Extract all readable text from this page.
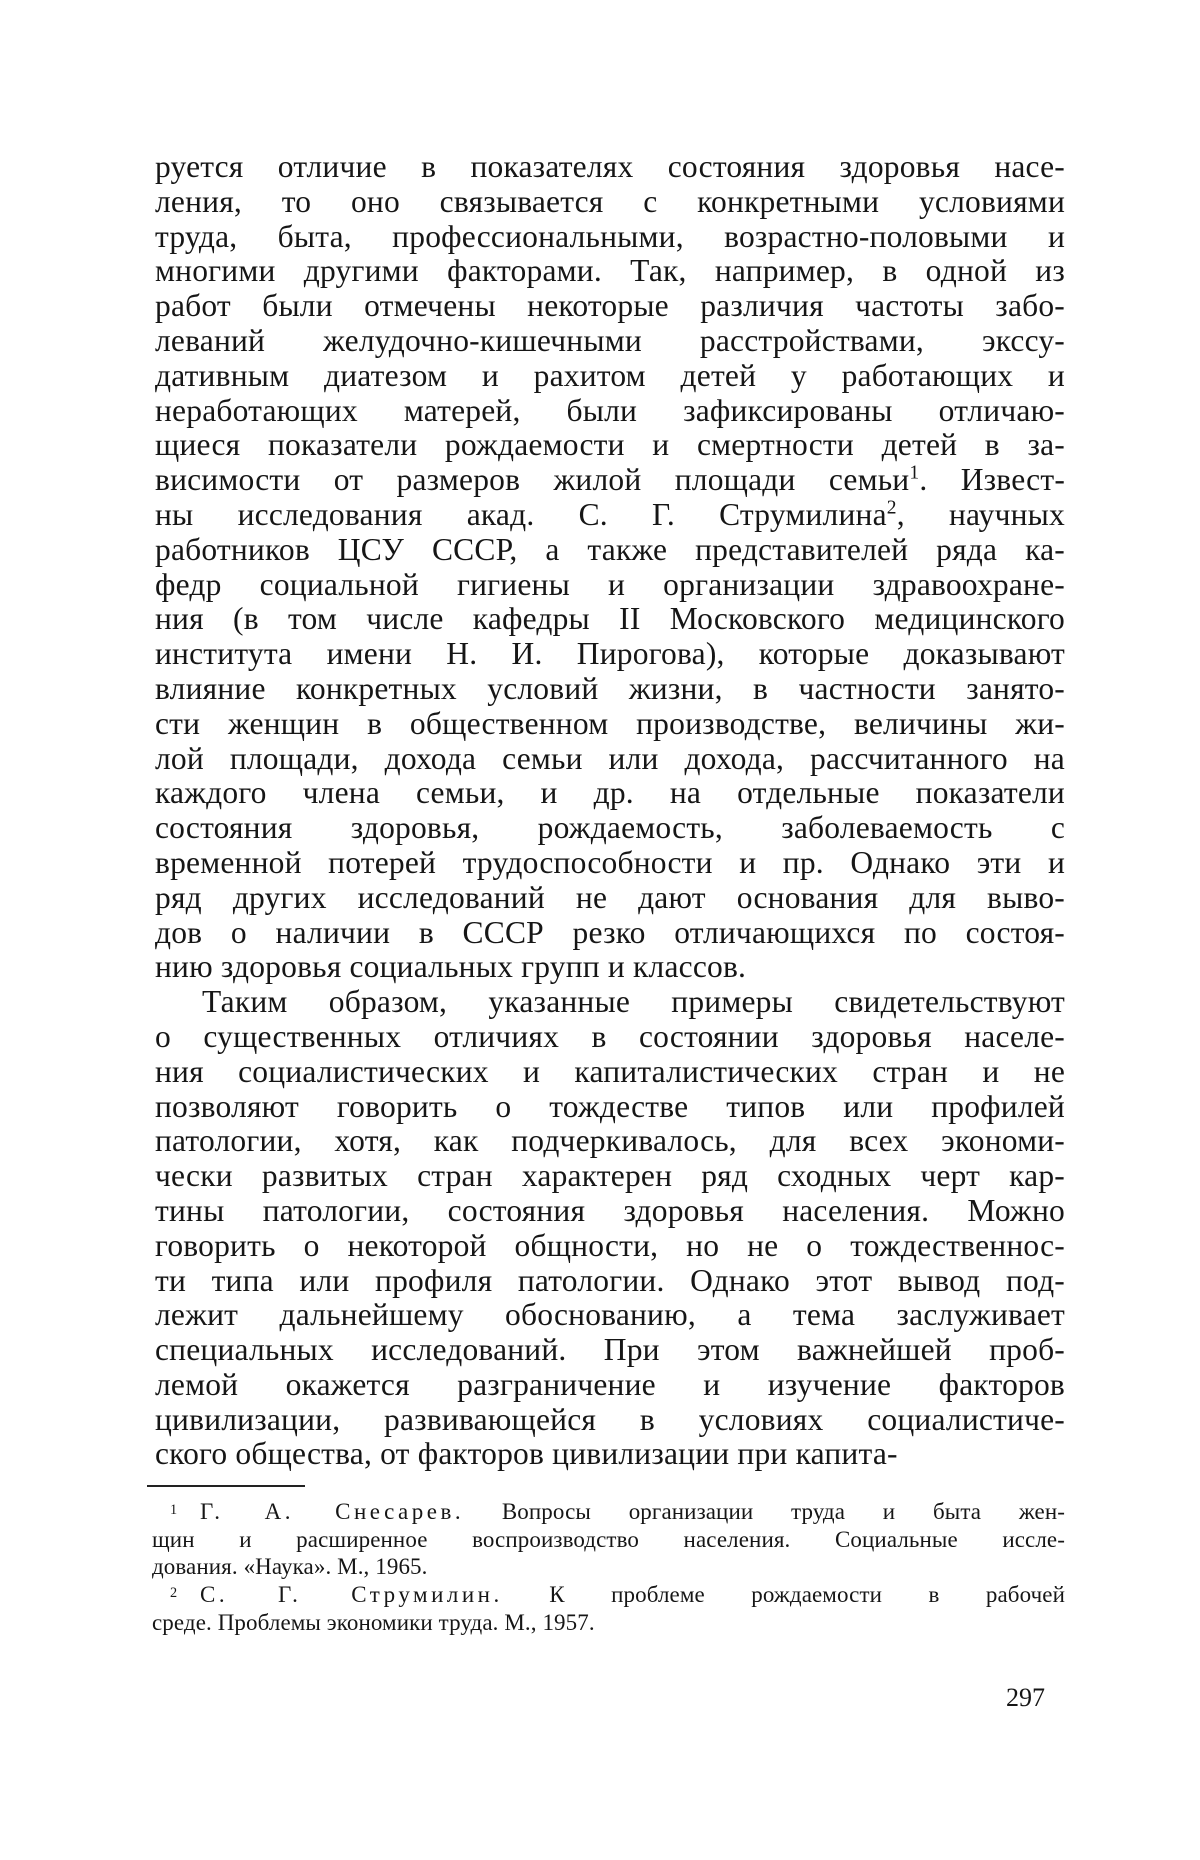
руется отличие в показателях состояния здоровья насе-
ления, то оно связывается с конкретными условиями
труда, быта, профессиональными, возрастно-половыми и
многими другими факторами. Так, например, в одной из
работ были отмечены некоторые различия частоты забо-
леваний желудочно-кишечными расстройствами, экссу-
дативным диатезом и рахитом детей у работающих и
неработающих матерей, были зафиксированы отличаю-
щиеся показатели рождаемости и смертности детей в за-
висимости от размеров жилой площади семьи$^1$. Извест-
ны исследования акад. С. Г. Струмилина$^2$, научных
работников ЦСУ СССР, а также представителей ряда ка-
федр социальной гигиены и организации здравоохране-
ния (в том числе кафедры II Московского медицинского
института имени Н. И. Пирогова), которые доказывают
влияние конкретных условий жизни, в частности занято-
сти женщин в общественном производстве, величины жи-
лой площади, дохода семьи или дохода, рассчитанного на
каждого члена семьи, и др. на отдельные показатели
состояния здоровья, рождаемость, заболеваемость с
временной потерей трудоспособности и пр. Однако эти и
ряд других исследований не дают основания для выво-
дов о наличии в СССР резко отличающихся по состоя-
нию здоровья социальных групп и классов.
Таким образом, указанные примеры свидетельствуют
о существенных отличиях в состоянии здоровья населе-
ния социалистических и капиталистических стран и не
позволяют говорить о тождестве типов или профилей
патологии, хотя, как подчеркивалось, для всех экономи-
чески развитых стран характерен ряд сходных черт кар-
тины патологии, состояния здоровья населения. Можно
говорить о некоторой общности, но не о тождественнос-
ти типа или профиля патологии. Однако этот вывод под-
лежит дальнейшему обоснованию, а тема заслуживает
специальных исследований. При этом важнейшей проб-
лемой окажется разграничение и изучение факторов
цивилизации, развивающейся в условиях социалистиче-
ского общества, от факторов цивилизации при капита-
1 Г. А. Снесарев. Вопросы организации труда и быта жен-
щин и расширенное воспроизводство населения. Социальные иссле-
дования. «Наука». М., 1965.
2 С. Г. Струмилин. К проблеме рождаемости в рабочей
среде. Проблемы экономики труда. М., 1957.
297
